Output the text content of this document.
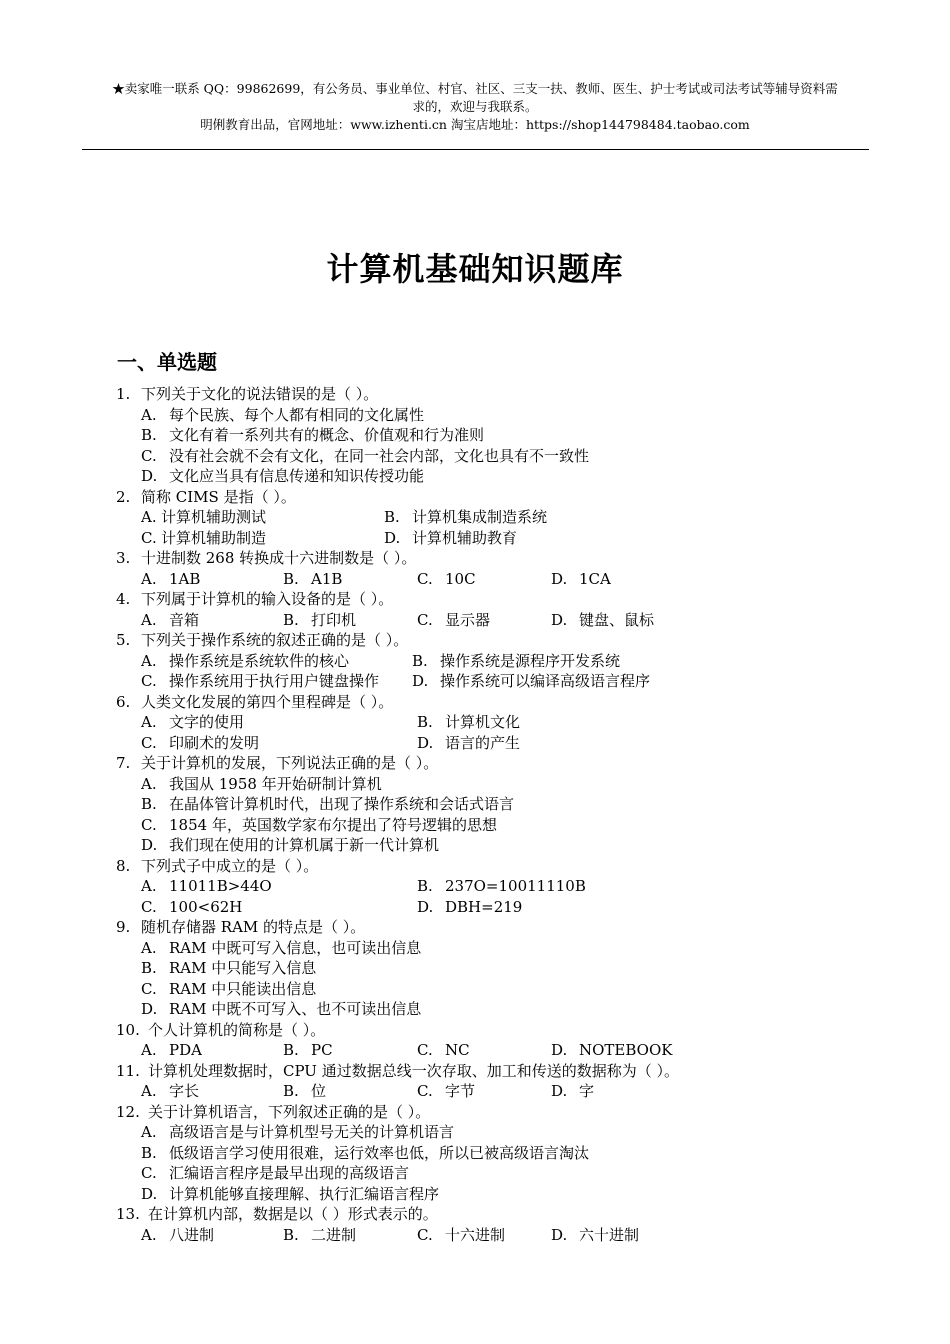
★卖家唯一联系 QQ：99862699，有公务员、事业单位、村官、社区、三支一扶、教师、医生、护士考试或司法考试等辅导资料需
求的，欢迎与我联系。
明俐教育出品，官网地址：www.izhenti.cn 淘宝店地址：https://shop144798484.taobao.com
计算机基础知识题库
一、单选题
1. 下列关于文化的说法错误的是（ ）。
A. 每个民族、每个人都有相同的文化属性
B. 文化有着一系列共有的概念、价值观和行为准则
C. 没有社会就不会有文化，在同一社会内部，文化也具有不一致性
D. 文化应当具有信息传递和知识传授功能
2. 简称 CIMS 是指（ ）。
A. 计算机辅助测试	B. 计算机集成制造系统
C. 计算机辅助制造	D. 计算机辅助教育
3. 十进制数 268 转换成十六进制数是（ ）。
A. 1AB	B. A1B	C. 10C	D. 1CA
4. 下列属于计算机的输入设备的是（ ）。
A. 音箱	B. 打印机	C. 显示器	D. 键盘、鼠标
5. 下列关于操作系统的叙述正确的是（ ）。
A. 操作系统是系统软件的核心	B. 操作系统是源程序开发系统
C. 操作系统用于执行用户键盘操作 D. 操作系统可以编译高级语言程序
6. 人类文化发展的第四个里程碑是（ ）。
A. 文字的使用	B. 计算机文化
C. 印刷术的发明	D. 语言的产生
7. 关于计算机的发展，下列说法正确的是（ ）。
A. 我国从 1958 年开始研制计算机
B. 在晶体管计算机时代，出现了操作系统和会话式语言
C. 1854 年，英国数学家布尔提出了符号逻辑的思想
D. 我们现在使用的计算机属于新一代计算机
8. 下列式子中成立的是（ ）。
A. 11011B>44O	B. 237O=10011110B
C. 100<62H	D. DBH=219
9. 随机存储器 RAM 的特点是（ ）。
A. RAM 中既可写入信息，也可读出信息
B. RAM 中只能写入信息
C. RAM 中只能读出信息
D. RAM 中既不可写入、也不可读出信息
10. 个人计算机的简称是（ ）。
A. PDA	B. PC	C. NC	D. NOTEBOOK
11. 计算机处理数据时，CPU 通过数据总线一次存取、加工和传送的数据称为（ ）。
A. 字长	B. 位	C. 字节	D. 字
12. 关于计算机语言，下列叙述正确的是（ ）。
A. 高级语言是与计算机型号无关的计算机语言
B. 低级语言学习使用很难，运行效率也低，所以已被高级语言淘汰
C. 汇编语言程序是最早出现的高级语言
D. 计算机能够直接理解、执行汇编语言程序
13. 在计算机内部，数据是以（ ）形式表示的。
A. 八进制	B. 二进制	C. 十六进制	D. 六十进制
